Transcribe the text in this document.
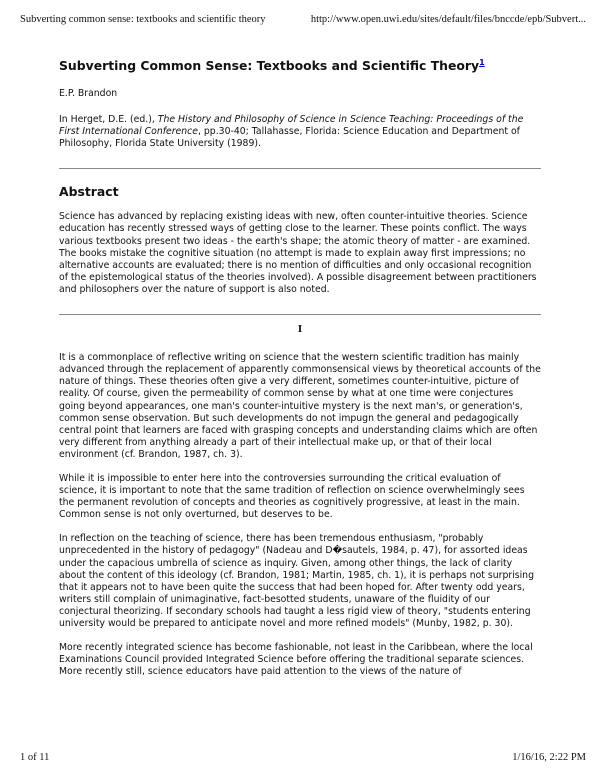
Subverting common sense: textbooks and scientific theory	http://www.open.uwi.edu/sites/default/files/bnccde/epb/Subvert...
Subverting Common Sense: Textbooks and Scientific Theory$^1$

E.P. Brandon

In Herget, D.E. (ed.), The History and Philosophy of Science in Science Teaching: Proceedings of the First International Conference, pp.30-40; Tallahasse, Florida: Science Education and Department of Philosophy, Florida State University (1989).

Abstract

Science has advanced by replacing existing ideas with new, often counter-intuitive theories. Science education has recently stressed ways of getting close to the learner. These points conflict. The ways various textbooks present two ideas - the earth's shape; the atomic theory of matter - are examined. The books mistake the cognitive situation (no attempt is made to explain away first impressions; no alternative accounts are evaluated; there is no mention of difficulties and only occasional recognition of the epistemological status of the theories involved). A possible disagreement between practitioners and philosophers over the nature of support is also noted.

I

It is a commonplace of reflective writing on science that the western scientific tradition has mainly advanced through the replacement of apparently commonsensical views by theoretical accounts of the nature of things. These theories often give a very different, sometimes counter-intuitive, picture of reality. Of course, given the permeability of common sense by what at one time were conjectures going beyond appearances, one man's counter-intuitive mystery is the next man's, or generation's, common sense observation. But such developments do not impugn the general and pedagogically central point that learners are faced with grasping concepts and understanding claims which are often very different from anything already a part of their intellectual make up, or that of their local environment (cf. Brandon, 1987, ch. 3).

While it is impossible to enter here into the controversies surrounding the critical evaluation of science, it is important to note that the same tradition of reflection on science overwhelmingly sees the permanent revolution of concepts and theories as cognitively progressive, at least in the main. Common sense is not only overturned, but deserves to be.

In reflection on the teaching of science, there has been tremendous enthusiasm, "probably unprecedented in the history of pedagogy" (Nadeau and D�sautels, 1984, p. 47), for assorted ideas under the capacious umbrella of science as inquiry. Given, among other things, the lack of clarity about the content of this ideology (cf. Brandon, 1981; Martin, 1985, ch. 1), it is perhaps not surprising that it appears not to have been quite the success that had been hoped for. After twenty odd years, writers still complain of unimaginative, fact-besotted students, unaware of the fluidity of our conjectural theorizing. If secondary schools had taught a less rigid view of theory, "students entering university would be prepared to anticipate novel and more refined models" (Munby, 1982, p. 30).

More recently integrated science has become fashionable, not least in the Caribbean, where the local Examinations Council provided Integrated Science before offering the traditional separate sciences. More recently still, science educators have paid attention to the views of the nature of

1 of 11	1/16/16, 2:22 PM
